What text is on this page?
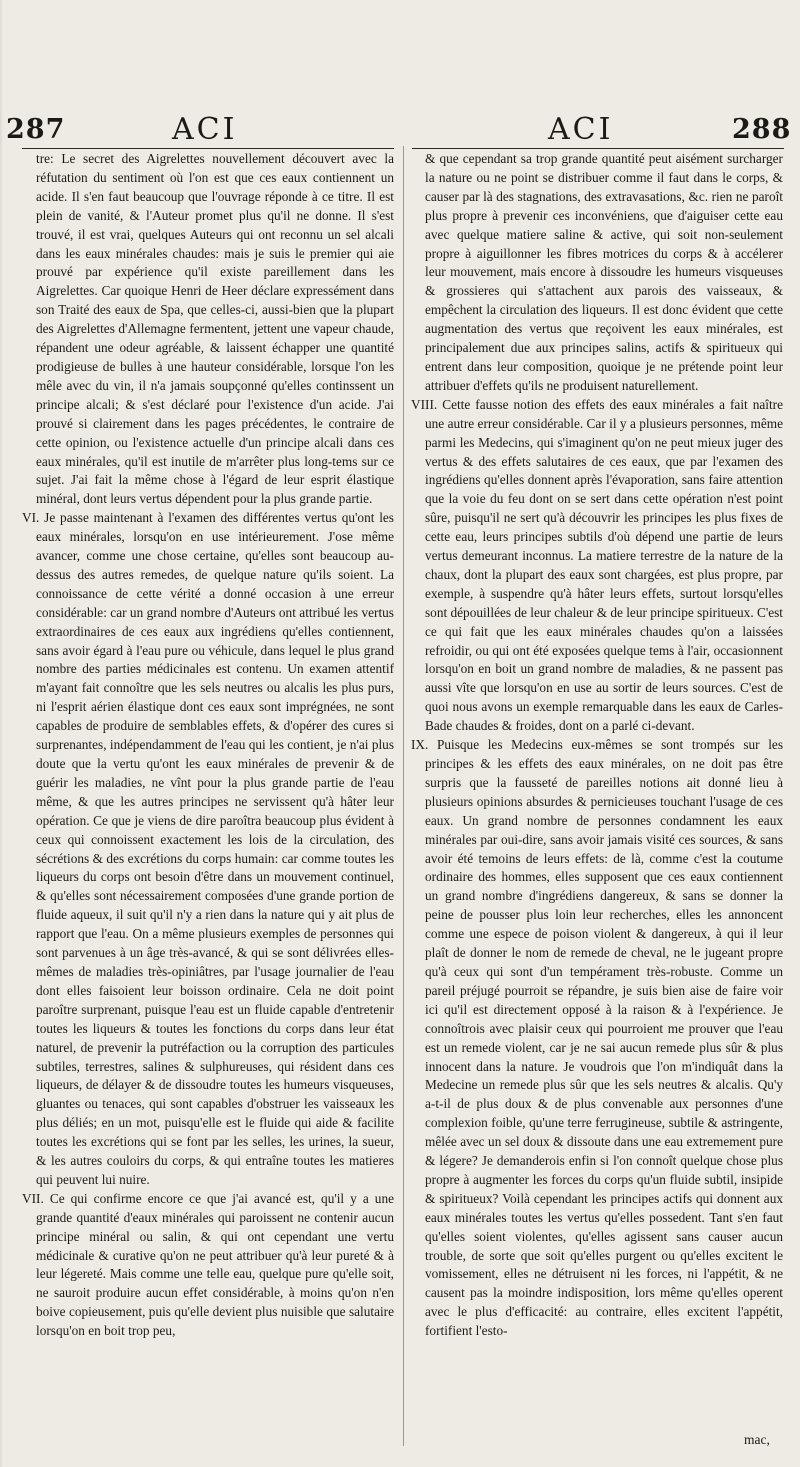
287	ACI	ACI	288

tre: Le secret des Aigrelettes nouvellement découvert avec la réfutation du sentiment où l'on est que ces eaux contiennent un acide. Il s'en faut beaucoup que l'ouvrage réponde à ce titre. Il est plein de vanité, & l'Auteur promet plus qu'il ne donne. Il s'est trouvé, il est vrai, quelques Auteurs qui ont reconnu un sel alcali dans les eaux minérales chaudes: mais je suis le premier qui aie prouvé par expérience qu'il existe pareillement dans les Aigrelettes. Car quoique Henri de Heer déclare expressément dans son Traité des eaux de Spa, que celles-ci, aussi-bien que la plupart des Aigrelettes d'Allemagne fermentent, jettent une vapeur chaude, répandent une odeur agréable, & laissent échapper une quantité prodigieuse de bulles à une hauteur considérable, lorsque l'on les mêle avec du vin, il n'a jamais soupçonné qu'elles continssent un principe alcali; & s'est déclaré pour l'existence d'un acide. J'ai prouvé si clairement dans les pages précédentes, le contraire de cette opinion, ou l'existence actuelle d'un principe alcali dans ces eaux minérales, qu'il est inutile de m'arrêter plus long-tems sur ce sujet. J'ai fait la même chose à l'égard de leur esprit élastique minéral, dont leurs vertus dépendent pour la plus grande partie.

VI. Je passe maintenant à l'examen des différentes vertus qu'ont les eaux minérales, lorsqu'on en use intérieurement. J'ose même avancer, comme une chose certaine, qu'elles sont beaucoup au-dessus des autres remedes, de quelque nature qu'ils soient. La connoissance de cette vérité a donné occasion à une erreur considérable: car un grand nombre d'Auteurs ont attribué les vertus extraordinaires de ces eaux aux ingrédiens qu'elles contiennent, sans avoir égard à l'eau pure ou véhicule, dans lequel le plus grand nombre des parties médicinales est contenu. Un examen attentif m'ayant fait connoître que les sels neutres ou alcalis les plus purs, ni l'esprit aérien élastique dont ces eaux sont imprégnées, ne sont capables de produire de semblables effets, & d'opérer des cures si surprenantes, indépendamment de l'eau qui les contient, je n'ai plus doute que la vertu qu'ont les eaux minérales de prevenir & de guérir les maladies, ne vînt pour la plus grande partie de l'eau même, & que les autres principes ne servissent qu'à hâter leur opération. Ce que je viens de dire paroîtra beaucoup plus évident à ceux qui connoissent exactement les lois de la circulation, des sécrétions & des excrétions du corps humain: car comme toutes les liqueurs du corps ont besoin d'être dans un mouvement continuel, & qu'elles sont nécessairement composées d'une grande portion de fluide aqueux, il suit qu'il n'y a rien dans la nature qui y ait plus de rapport que l'eau. On a même plusieurs exemples de personnes qui sont parvenues à un âge très-avancé, & qui se sont délivrées elles-mêmes de maladies très-opiniâtres, par l'usage journalier de l'eau dont elles faisoient leur boisson ordinaire. Cela ne doit point paroître surprenant, puisque l'eau est un fluide capable d'entretenir toutes les liqueurs & toutes les fonctions du corps dans leur état naturel, de prevenir la putréfaction ou la corruption des particules subtiles, terrestres, salines & sulphureuses, qui résident dans ces liqueurs, de délayer & de dissoudre toutes les humeurs visqueuses, gluantes ou tenaces, qui sont capables d'obstruer les vaisseaux les plus déliés; en un mot, puisqu'elle est le fluide qui aide & facilite toutes les excrétions qui se font par les selles, les urines, la sueur, & les autres couloirs du corps, & qui entraîne toutes les matieres qui peuvent lui nuire.

VII. Ce qui confirme encore ce que j'ai avancé est, qu'il y a une grande quantité d'eaux minérales qui paroissent ne contenir aucun principe minéral ou salin, & qui ont cependant une vertu médicinale & curative qu'on ne peut attribuer qu'à leur pureté & à leur légereté. Mais comme une telle eau, quelque pure qu'elle soit, ne sauroit produire aucun effet considérable, à moins qu'on n'en boive copieusement, puis qu'elle devient plus nuisible que salutaire lorsqu'on en boit trop peu,

& que cependant sa trop grande quantité peut aisément surcharger la nature ou ne point se distribuer comme il faut dans le corps, & causer par là des stagnations, des extravasations, &c. rien ne paroît plus propre à prevenir ces inconvéniens, que d'aiguiser cette eau avec quelque matiere saline & active, qui soit non-seulement propre à aiguillonner les fibres motrices du corps & à accélerer leur mouvement, mais encore à dissoudre les humeurs visqueuses & grossieres qui s'attachent aux parois des vaisseaux, & empêchent la circulation des liqueurs. Il est donc évident que cette augmentation des vertus que reçoivent les eaux minérales, est principalement due aux principes salins, actifs & spiritueux qui entrent dans leur composition, quoique je ne prétende point leur attribuer d'effets qu'ils ne produisent naturellement.

VIII. Cette fausse notion des effets des eaux minérales a fait naître une autre erreur considérable. Car il y a plusieurs personnes, même parmi les Medecins, qui s'imaginent qu'on ne peut mieux juger des vertus & des effets salutaires de ces eaux, que par l'examen des ingrédiens qu'elles donnent après l'évaporation, sans faire attention que la voie du feu dont on se sert dans cette opération n'est point sûre, puisqu'il ne sert qu'à découvrir les principes les plus fixes de cette eau, leurs principes subtils d'où dépend une partie de leurs vertus demeurant inconnus. La matiere terrestre de la nature de la chaux, dont la plupart des eaux sont chargées, est plus propre, par exemple, à suspendre qu'à hâter leurs effets, surtout lorsqu'elles sont dépouillées de leur chaleur & de leur principe spiritueux. C'est ce qui fait que les eaux minérales chaudes qu'on a laissées refroidir, ou qui ont été exposées quelque tems à l'air, occasionnent lorsqu'on en boit un grand nombre de maladies, & ne passent pas aussi vîte que lorsqu'on en use au sortir de leurs sources. C'est de quoi nous avons un exemple remarquable dans les eaux de Carles-Bade chaudes & froides, dont on a parlé ci-devant.

IX. Puisque les Medecins eux-mêmes se sont trompés sur les principes & les effets des eaux minérales, on ne doit pas être surpris que la fausseté de pareilles notions ait donné lieu à plusieurs opinions absurdes & pernicieuses touchant l'usage de ces eaux. Un grand nombre de personnes condamnent les eaux minérales par oui-dire, sans avoir jamais visité ces sources, & sans avoir été temoins de leurs effets: de là, comme c'est la coutume ordinaire des hommes, elles supposent que ces eaux contiennent un grand nombre d'ingrédiens dangereux, & sans se donner la peine de pousser plus loin leur recherches, elles les annoncent comme une espece de poison violent & dangereux, à qui il leur plaît de donner le nom de remede de cheval, ne le jugeant propre qu'à ceux qui sont d'un tempérament très-robuste. Comme un pareil préjugé pourroit se répandre, je suis bien aise de faire voir ici qu'il est directement opposé à la raison & à l'expérience. Je connoîtrois avec plaisir ceux qui pourroient me prouver que l'eau est un remede violent, car je ne sai aucun remede plus sûr & plus innocent dans la nature. Je voudrois que l'on m'indiquât dans la Medecine un remede plus sûr que les sels neutres & alcalis. Qu'y a-t-il de plus doux & de plus convenable aux personnes d'une complexion foible, qu'une terre ferrugineuse, subtile & astringente, mêlée avec un sel doux & dissoute dans une eau extremement pure & légere? Je demanderois enfin si l'on connoît quelque chose plus propre à augmenter les forces du corps qu'un fluide subtil, insipide & spiritueux? Voilà cependant les principes actifs qui donnent aux eaux minérales toutes les vertus qu'elles possedent. Tant s'en faut qu'elles soient violentes, qu'elles agissent sans causer aucun trouble, de sorte que soit qu'elles purgent ou qu'elles excitent le vomissement, elles ne détruisent ni les forces, ni l'appétit, & ne causent pas la moindre indisposition, lors même qu'elles operent avec le plus d'efficacité: au contraire, elles excitent l'appétit, fortifient l'esto-

mac,
